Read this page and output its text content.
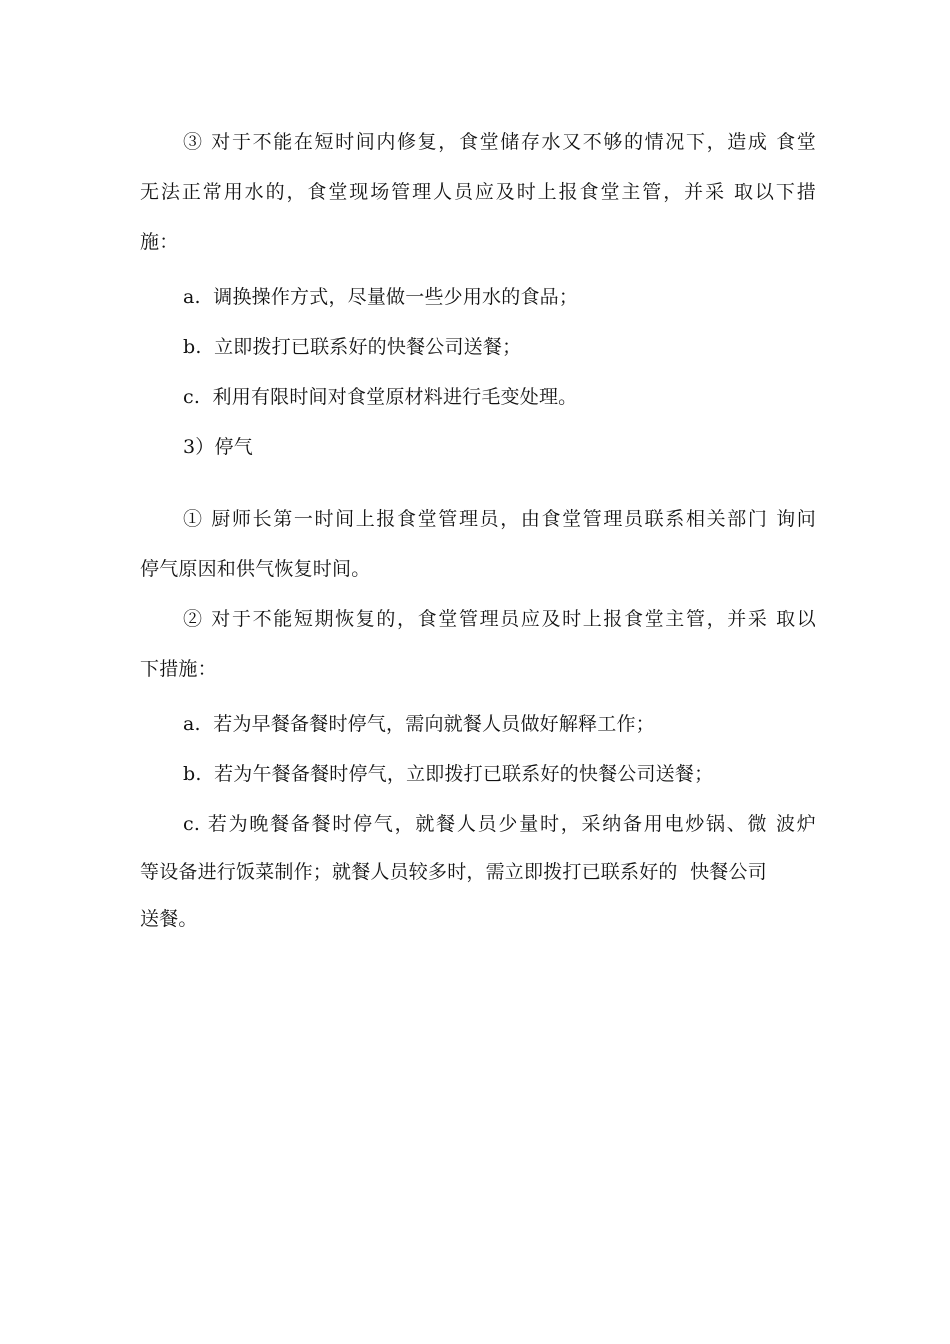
③ 对于不能在短时间内修复，食堂储存水又不够的情况下，造成 食堂
无法正常用水的，食堂现场管理人员应及时上报食堂主管，并采 取以下措
施：
a.  调换操作方式，尽量做一些少用水的食品；
b.  立即拨打已联系好的快餐公司送餐；
c.  利用有限时间对食堂原材料进行毛变处理。
3）停气
① 厨师长第一时间上报食堂管理员，由食堂管理员联系相关部门 询问
停气原因和供气恢复时间。
② 对于不能短期恢复的，食堂管理员应及时上报食堂主管，并采 取以
下措施：
a.  若为早餐备餐时停气，需向就餐人员做好解释工作；
b.  若为午餐备餐时停气，立即拨打已联系好的快餐公司送餐；
c. 若为晚餐备餐时停气，就餐人员少量时，采纳备用电炒锅、微 波炉
等设备进行饭菜制作；就餐人员较多时，需立即拨打已联系好的  快餐公司
送餐。
